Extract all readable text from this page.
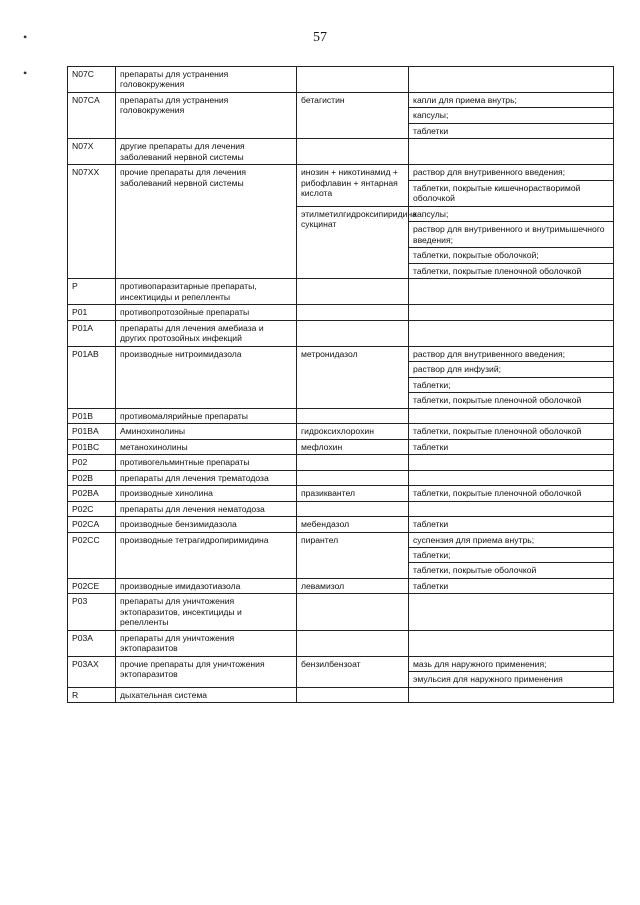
57
•
•	N07C	препараты для устранения головокружения		

N07CA	препараты для устранения головокружения	бетагистин	капли для приема внутрь;
капсулы;
таблетки

N07X	другие препараты для лечения заболеваний нервной системы		

N07XX	прочие препараты для лечения заболеваний нервной системы	инозин + никотинамид + рибофлавин + янтарная кислота	раствор для внутривенного введения;
таблетки, покрытые кишечнорастворимой оболочкой

		этилметилгидроксипиридина сукцинат	капсулы;
раствор для внутривенного и внутримышечного введения;
таблетки, покрытые оболочкой;
таблетки, покрытые пленочной оболочкой

P	противопаразитарные препараты, инсектициды и репелленты		

P01	противопротозойные препараты		

P01A	препараты для лечения амебиаза и других протозойных инфекций		

P01AB	производные нитроимидазола	метронидазол	раствор для внутривенного введения;
раствор для инфузий;
таблетки;
таблетки, покрытые пленочной оболочкой

P01B	противомалярийные препараты		

P01BA	Аминохинолины	гидроксихлорохин	таблетки, покрытые пленочной оболочкой

P01BC	метанохинолины	мефлохин	таблетки

P02	противогельминтные препараты		

P02B	препараты для лечения трематодоза		

P02BA	производные хинолина	празиквантел	таблетки, покрытые пленочной оболочкой

P02C	препараты для лечения нематодоза		

P02CA	производные бензимидазола	мебендазол	таблетки

P02CC	производные тетрагидропиримидина	пирантел	суспензия для приема внутрь;
таблетки;
таблетки, покрытые оболочкой

P02CE	производные имидазотиазола	левамизол	таблетки

P03	препараты для уничтожения эктопаразитов, инсектициды и репелленты		

P03A	препараты для уничтожения эктопаразитов		

P03AX	прочие препараты для уничтожения эктопаразитов	бензилбензоат	мазь для наружного применения;
эмульсия для наружного применения

R	дыхательная система		
